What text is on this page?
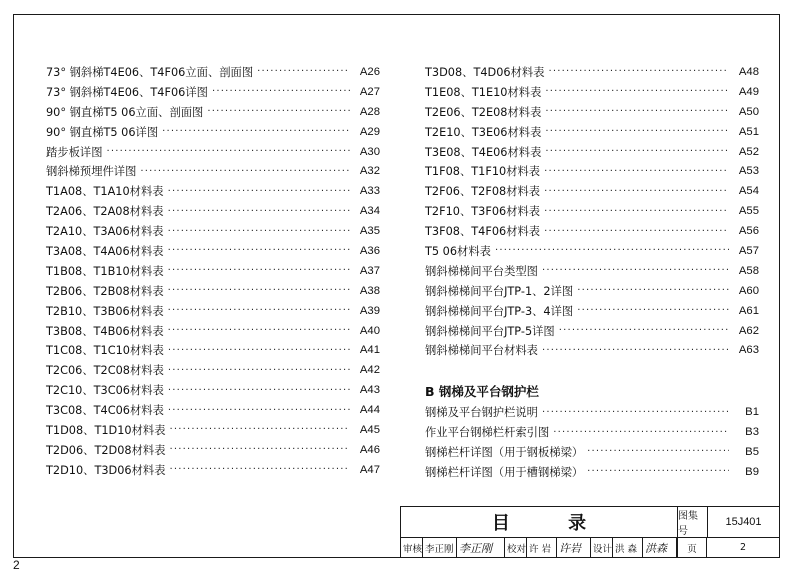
73° 钢斜梯T4E06、T4F06立面、剖面图 ·····	A26
73° 钢斜梯T4E06、T4F06详图 ·····	A27
90° 钢直梯T5 06立面、剖面图 ·····	A28
90° 钢直梯T5 06详图 ·····	A29
踏步板详图 ·····	A30
钢斜梯预埋件详图 ·····	A32
T1A08、T1A10材料表 ·····	A33
T2A06、T2A08材料表 ·····	A34
T2A10、T3A06材料表 ·····	A35
T3A08、T4A06材料表 ·····	A36
T1B08、T1B10材料表 ·····	A37
T2B06、T2B08材料表 ·····	A38
T2B10、T3B06材料表 ·····	A39
T3B08、T4B06材料表 ·····	A40
T1C08、T1C10材料表 ·····	A41
T2C06、T2C08材料表 ·····	A42
T2C10、T3C06材料表 ·····	A43
T3C08、T4C06材料表 ·····	A44
T1D08、T1D10材料表 ·····	A45
T2D06、T2D08材料表 ·····	A46
T2D10、T3D06材料表 ·····	A47
T3D08、T4D06材料表 ·····	A48
T1E08、T1E10材料表 ·····	A49
T2E06、T2E08材料表 ·····	A50
T2E10、T3E06材料表 ·····	A51
T3E08、T4E06材料表 ·····	A52
T1F08、T1F10材料表 ·····	A53
T2F06、T2F08材料表 ·····	A54
T2F10、T3F06材料表 ·····	A55
T3F08、T4F06材料表 ·····	A56
T5 06材料表 ·····	A57
钢斜梯梯间平台类型图 ·····	A58
钢斜梯梯间平台JTP-1、2详图 ·····	A60
钢斜梯梯间平台JTP-3、4详图 ·····	A61
钢斜梯梯间平台JTP-5详图 ·····	A62
钢斜梯梯间平台材料表 ·····	A63
B 钢梯及平台钢护栏
钢梯及平台钢护栏说明 ·····	B1
作业平台钢梯栏杆索引图 ·····	B3
钢梯栏杆详图（用于钢板梯梁） ·····	B5
钢梯栏杆详图（用于槽钢梯梁） ·····	B9
目 录	图集号
15J401
审核 李正刚 李正刚	校对 许 岩 许岩	设计 洪 森 洪森	页	2
2
